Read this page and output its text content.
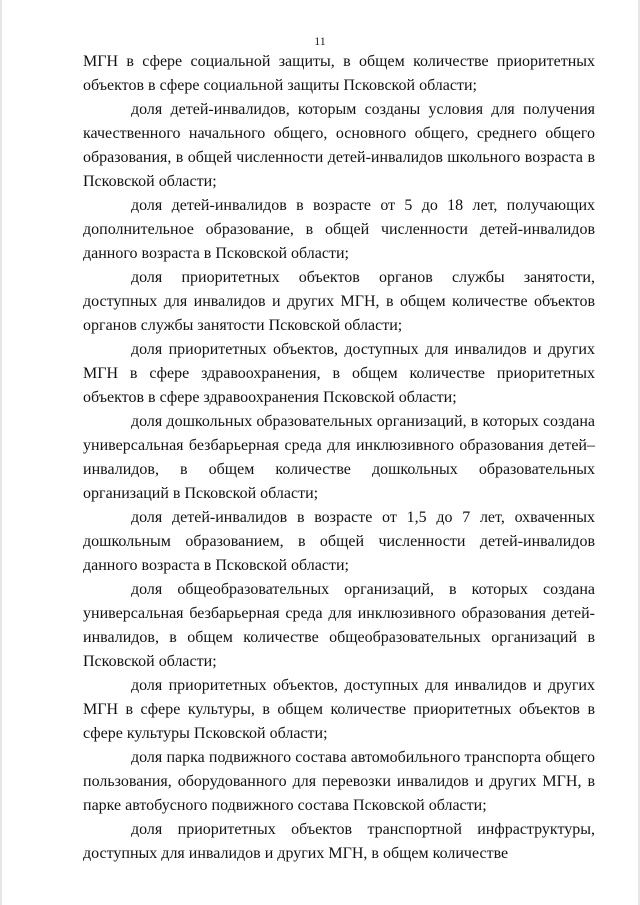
11

МГН в сфере социальной защиты, в общем количестве приоритетных объектов в сфере социальной защиты Псковской области;

доля детей-инвалидов, которым созданы условия для получения качественного начального общего, основного общего, среднего общего образования, в общей численности детей-инвалидов школьного возраста в Псковской области;

доля детей-инвалидов в возрасте от 5 до 18 лет, получающих дополнительное образование, в общей численности детей-инвалидов данного возраста в Псковской области;

доля приоритетных объектов органов службы занятости, доступных для инвалидов и других МГН, в общем количестве объектов органов службы занятости Псковской области;

доля приоритетных объектов, доступных для инвалидов и других МГН в сфере здравоохранения, в общем количестве приоритетных объектов в сфере здравоохранения Псковской области;

доля дошкольных образовательных организаций, в которых создана универсальная безбарьерная среда для инклюзивного образования детей–инвалидов, в общем количестве дошкольных образовательных организаций в Псковской области;

доля детей-инвалидов в возрасте от 1,5 до 7 лет, охваченных дошкольным образованием, в общей численности детей-инвалидов данного возраста в Псковской области;

доля общеобразовательных организаций, в которых создана универсальная безбарьерная среда для инклюзивного образования детей-инвалидов, в общем количестве общеобразовательных организаций в Псковской области;

доля приоритетных объектов, доступных для инвалидов и других МГН в сфере культуры, в общем количестве приоритетных объектов в сфере культуры Псковской области;

доля парка подвижного состава автомобильного транспорта общего пользования, оборудованного для перевозки инвалидов и других МГН, в парке автобусного подвижного состава Псковской области;

доля приоритетных объектов транспортной инфраструктуры, доступных для инвалидов и других МГН, в общем количестве
